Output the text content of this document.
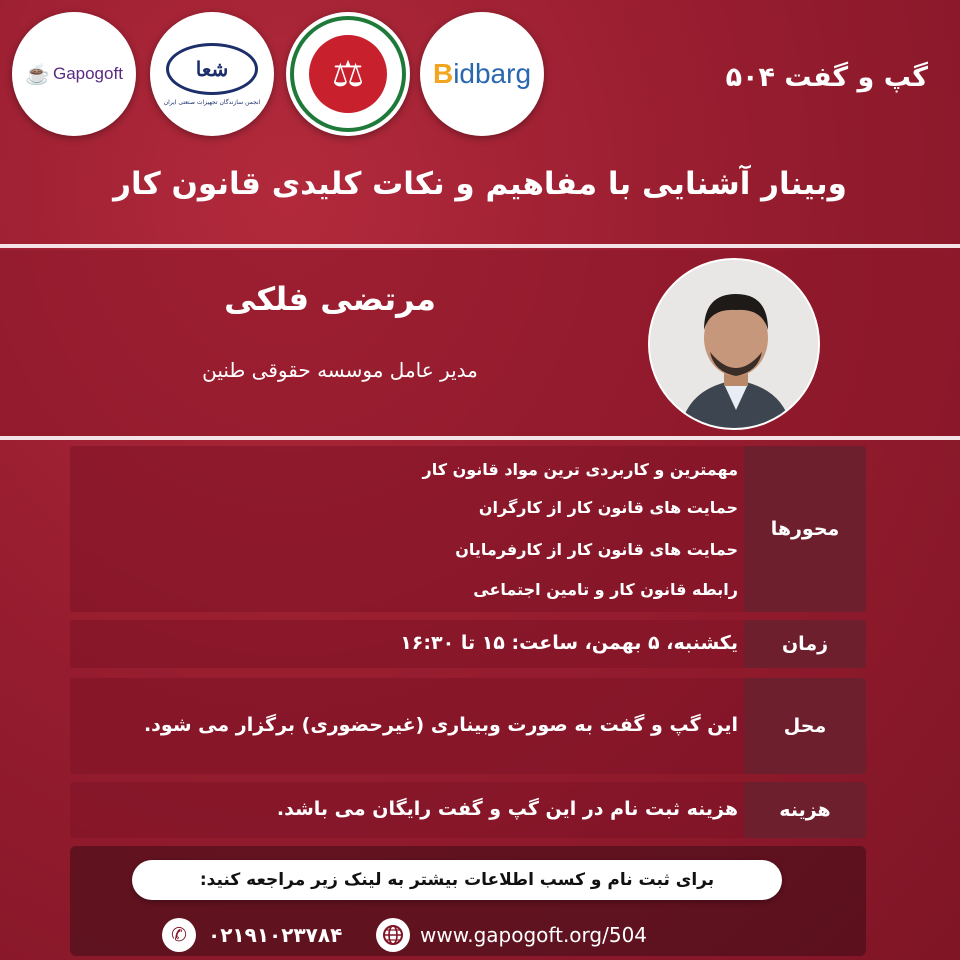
☕ Gapogoft	شعا
انجمن سازندگان تجهیزات صنعتی ایران
⚖	Bidbarg	گپ و گفت ۵۰۴
وبینار آشنایی با مفاهیم و نکات کلیدی قانون کار
مرتضی فلکی
مدیر عامل موسسه حقوقی طنین
محورها
مهمترین و کاربردی ترین مواد قانون کار
حمایت های قانون کار از کارگران
حمایت های قانون کار از کارفرمایان
رابطه قانون کار و تامین اجتماعی
زمان
یکشنبه، ۵ بهمن، ساعت: ۱۵ تا ۱۶:۳۰
محل
این گپ و گفت به صورت وبیناری (غیرحضوری) برگزار می شود.
هزینه
هزینه ثبت نام در این گپ و گفت رایگان می باشد.
برای ثبت نام و کسب اطلاعات بیشتر به لینک زیر مراجعه کنید:
✆	۰۲۱۹۱۰۲۳۷۸۴	www.gapogoft.org/504
